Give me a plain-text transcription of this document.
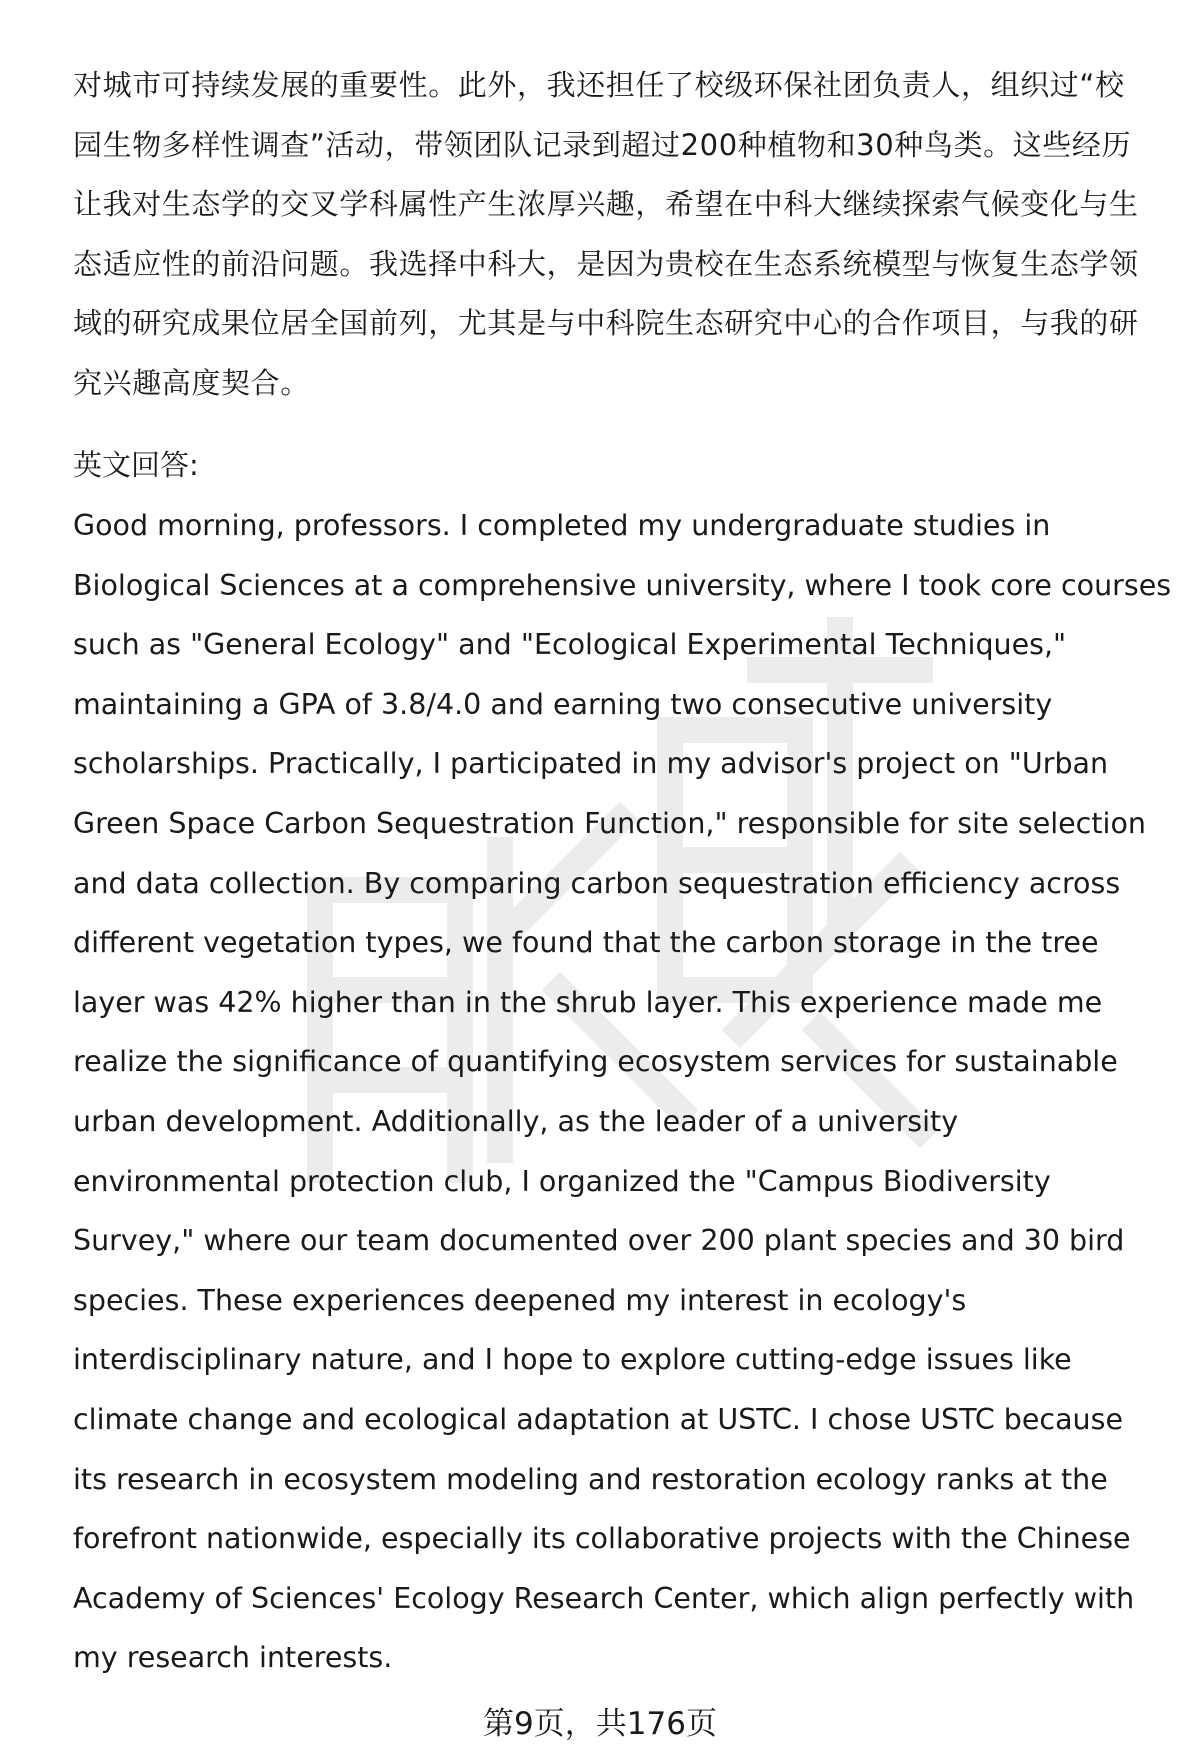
对城市可持续发展的重要性。此外，我还担任了校级环保社团负责人，组织过“校园生物多样性调查”活动，带领团队记录到超过200种植物和30种鸟类。这些经历让我对生态学的交叉学科属性产生浓厚兴趣，希望在中科大继续探索气候变化与生态适应性的前沿问题。我选择中科大，是因为贵校在生态系统模型与恢复生态学领域的研究成果位居全国前列，尤其是与中科院生态研究中心的合作项目，与我的研究兴趣高度契合。

英文回答:

Good morning, professors. I completed my undergraduate studies in
Biological Sciences at a comprehensive university, where I took core courses
such as "General Ecology" and "Ecological Experimental Techniques,"
maintaining a GPA of 3.8/4.0 and earning two consecutive university
scholarships. Practically, I participated in my advisor's project on "Urban
Green Space Carbon Sequestration Function," responsible for site selection
and data collection. By comparing carbon sequestration efficiency across
different vegetation types, we found that the carbon storage in the tree
layer was 42% higher than in the shrub layer. This experience made me
realize the significance of quantifying ecosystem services for sustainable
urban development. Additionally, as the leader of a university
environmental protection club, I organized the "Campus Biodiversity
Survey," where our team documented over 200 plant species and 30 bird
species. These experiences deepened my interest in ecology's
interdisciplinary nature, and I hope to explore cutting-edge issues like
climate change and ecological adaptation at USTC. I chose USTC because
its research in ecosystem modeling and restoration ecology ranks at the
forefront nationwide, especially its collaborative projects with the Chinese
Academy of Sciences' Ecology Research Center, which align perfectly with
my research interests.

第9页，共176页
